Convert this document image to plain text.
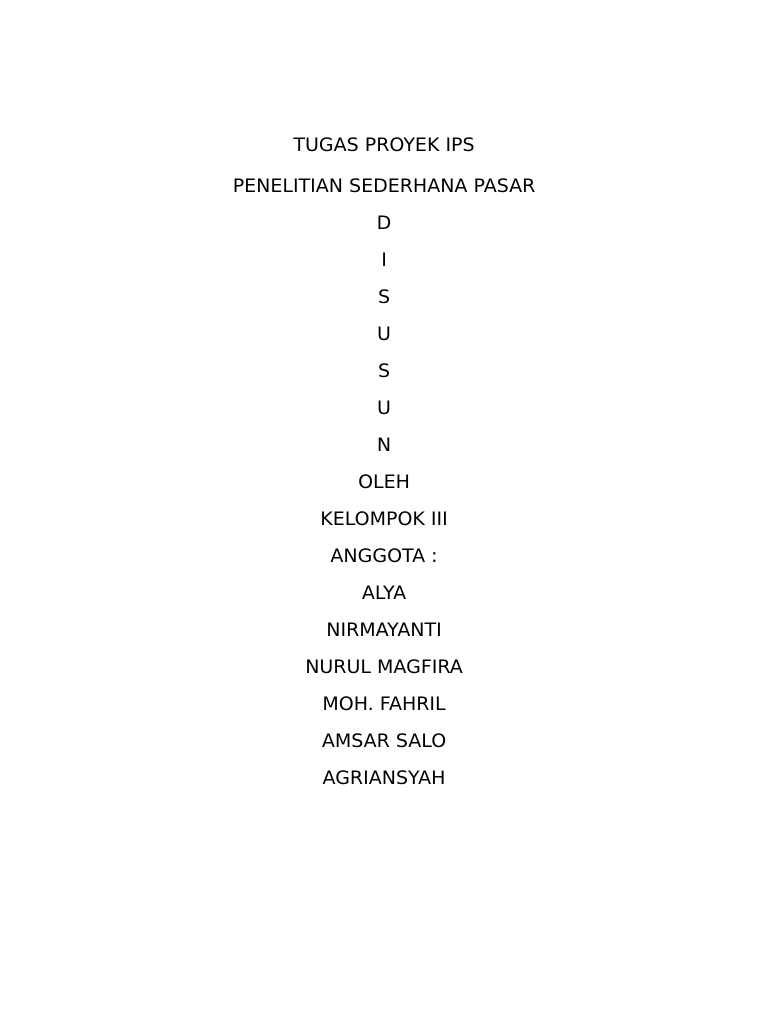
TUGAS PROYEK IPS
PENELITIAN SEDERHANA PASAR
D
I
S
U
S
U
N
OLEH
KELOMPOK III
ANGGOTA :
ALYA
NIRMAYANTI
NURUL MAGFIRA
MOH. FAHRIL
AMSAR SALO
AGRIANSYAH
